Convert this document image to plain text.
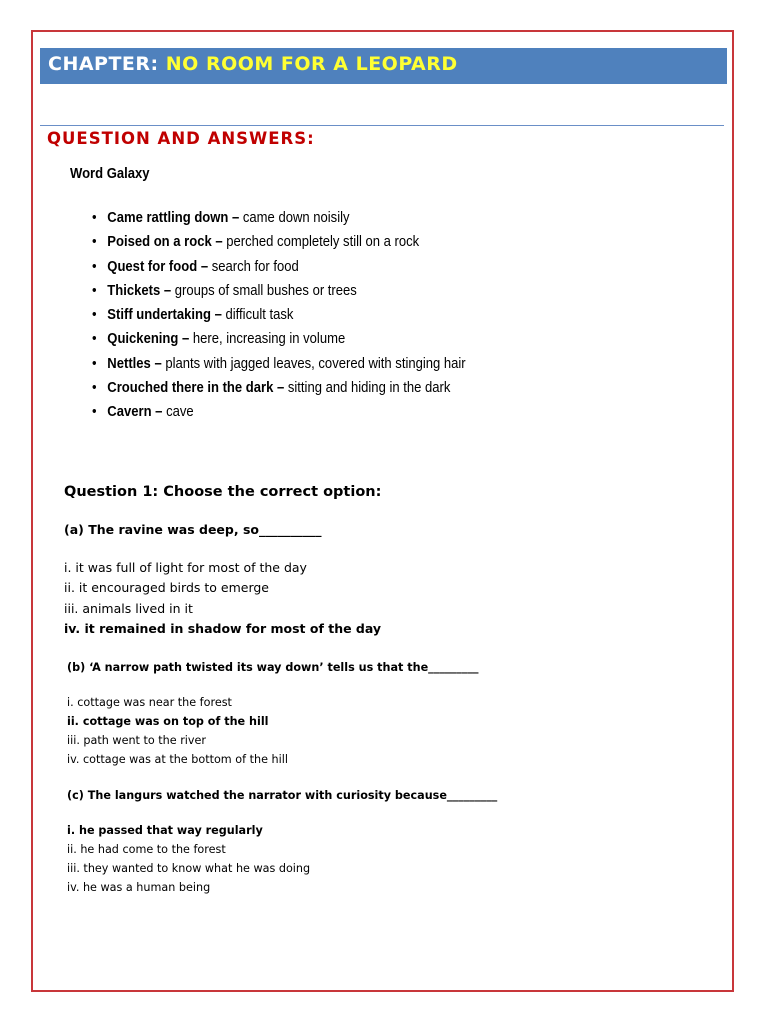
CHAPTER: NO ROOM FOR A LEOPARD
QUESTION AND ANSWERS:
Word Galaxy
• Came rattling down – came down noisily
• Poised on a rock – perched completely still on a rock
• Quest for food – search for food
• Thickets – groups of small bushes or trees
• Stiff undertaking – difficult task
• Quickening – here, increasing in volume
• Nettles – plants with jagged leaves, covered with stinging hair
• Crouched there in the dark – sitting and hiding in the dark
• Cavern – cave
Question 1: Choose the correct option:
(a) The ravine was deep, so__________
i. it was full of light for most of the day
ii. it encouraged birds to emerge
iii. animals lived in it
iv. it remained in shadow for most of the day
(b) ‘A narrow path twisted its way down’ tells us that the_________
i. cottage was near the forest
ii. cottage was on top of the hill
iii. path went to the river
iv. cottage was at the bottom of the hill
(c) The langurs watched the narrator with curiosity because_________
i. he passed that way regularly
ii. he had come to the forest
iii. they wanted to know what he was doing
iv. he was a human being
